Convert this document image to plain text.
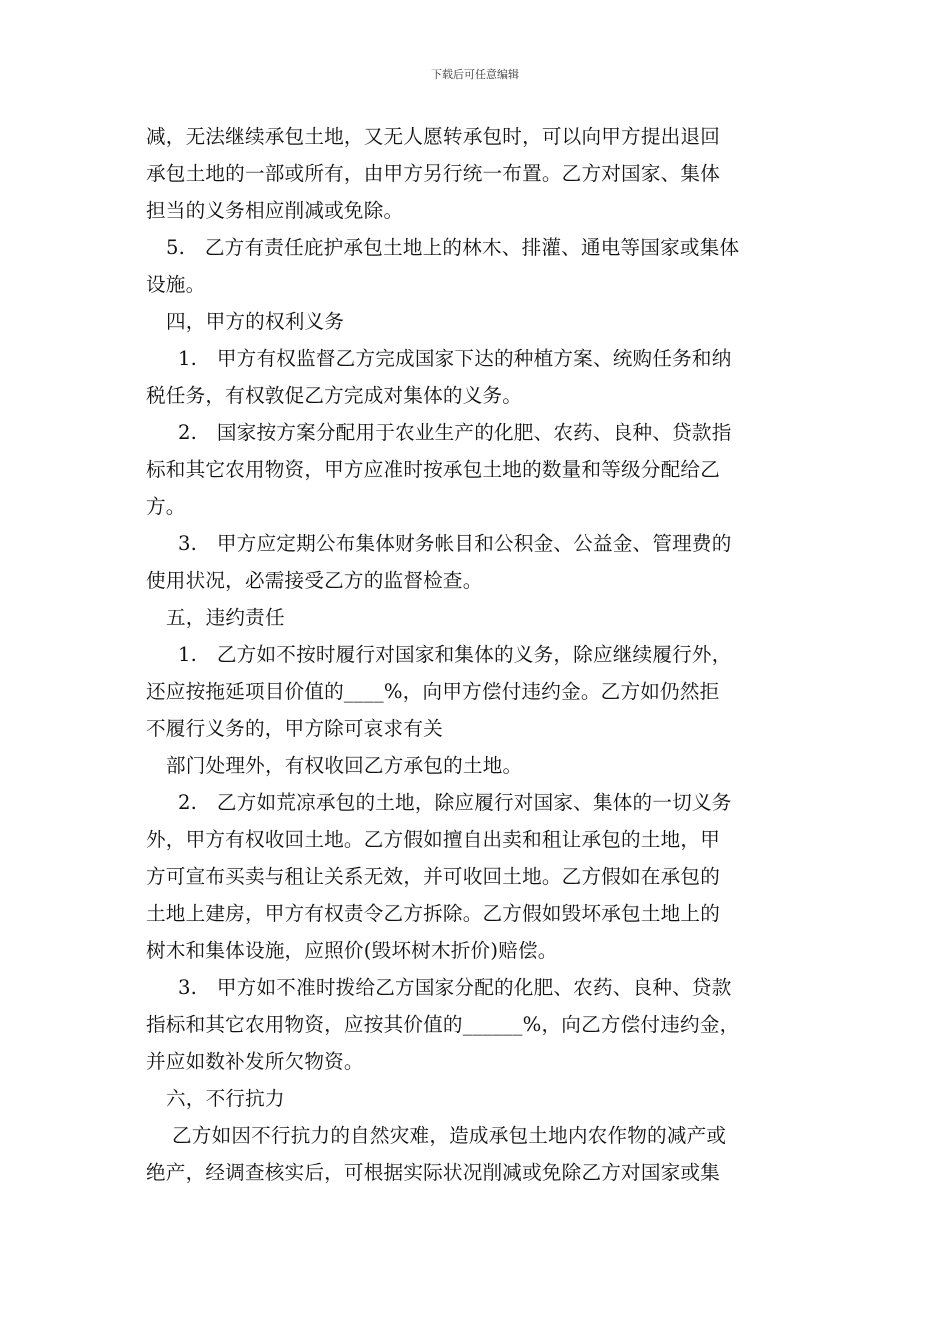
下载后可任意编辑
减，无法继续承包土地，又无人愿转承包时，可以向甲方提出退回
承包土地的一部或所有，由甲方另行统一布置。乙方对国家、集体
担当的义务相应削减或免除。
5.　乙方有责任庇护承包土地上的林木、排灌、通电等国家或集体
设施。
四，甲方的权利义务
1.　甲方有权监督乙方完成国家下达的种植方案、统购任务和纳
税任务，有权敦促乙方完成对集体的义务。
2.　国家按方案分配用于农业生产的化肥、农药、良种、贷款指
标和其它农用物资，甲方应准时按承包土地的数量和等级分配给乙
方。
3.　甲方应定期公布集体财务帐目和公积金、公益金、管理费的
使用状况，必需接受乙方的监督检查。
五，违约责任
1.　乙方如不按时履行对国家和集体的义务，除应继续履行外，
还应按拖延项目价值的____%，向甲方偿付违约金。乙方如仍然拒
不履行义务的，甲方除可哀求有关
部门处理外，有权收回乙方承包的土地。
2.　乙方如荒凉承包的土地，除应履行对国家、集体的一切义务
外，甲方有权收回土地。乙方假如擅自出卖和租让承包的土地，甲
方可宣布买卖与租让关系无效，并可收回土地。乙方假如在承包的
土地上建房，甲方有权责令乙方拆除。乙方假如毁坏承包土地上的
树木和集体设施，应照价(毁坏树木折价)赔偿。
3.　甲方如不准时拨给乙方国家分配的化肥、农药、良种、贷款
指标和其它农用物资，应按其价值的______%，向乙方偿付违约金，
并应如数补发所欠物资。
六，不行抗力
乙方如因不行抗力的自然灾难，造成承包土地内农作物的减产或
绝产，经调查核实后，可根据实际状况削减或免除乙方对国家或集
